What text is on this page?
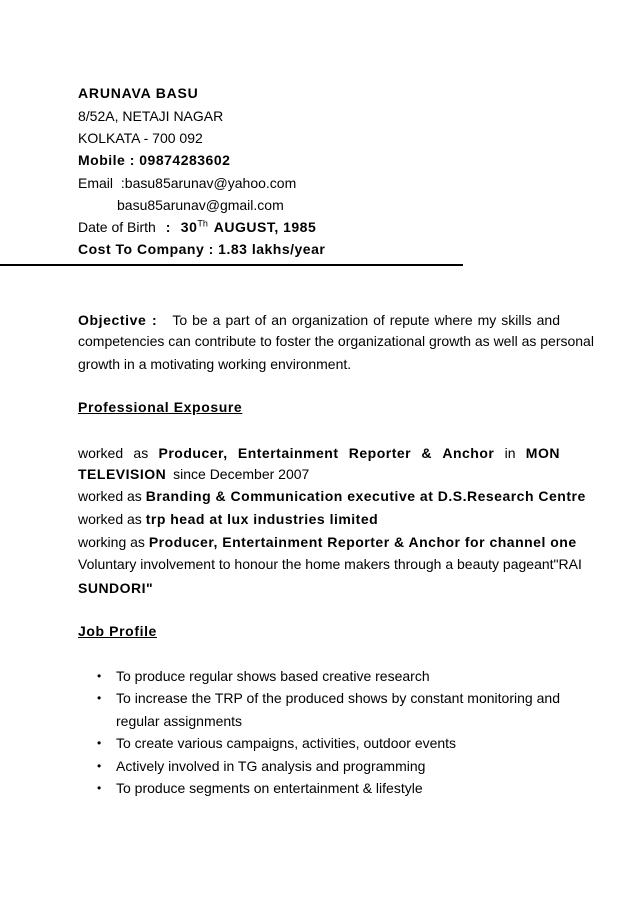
ARUNAVA BASU
8/52A, NETAJI NAGAR
KOLKATA - 700 092
Mobile : 09874283602
Email :basu85arunav@yahoo.com
basu85arunav@gmail.com
Date of Birth : 30Th AUGUST, 1985
Cost To Company : 1.83 lakhs/year
Objective : To be a part of an organization of repute where my skills and
competencies can contribute to foster the organizational growth as well as personal
growth in a motivating working environment.
Professional Exposure
worked as Producer, Entertainment Reporter & Anchor in MON
TELEVISION since December 2007
worked as Branding & Communication executive at D.S.Research Centre
worked as trp head at lux industries limited
working as Producer, Entertainment Reporter & Anchor for channel one
Voluntary involvement to honour the home makers through a beauty pageant"RAI
SUNDORI"
Job Profile
• To produce regular shows based creative research
• To increase the TRP of the produced shows by constant monitoring and
regular assignments
• To create various campaigns, activities, outdoor events
• Actively involved in TG analysis and programming
• To produce segments on entertainment & lifestyle
